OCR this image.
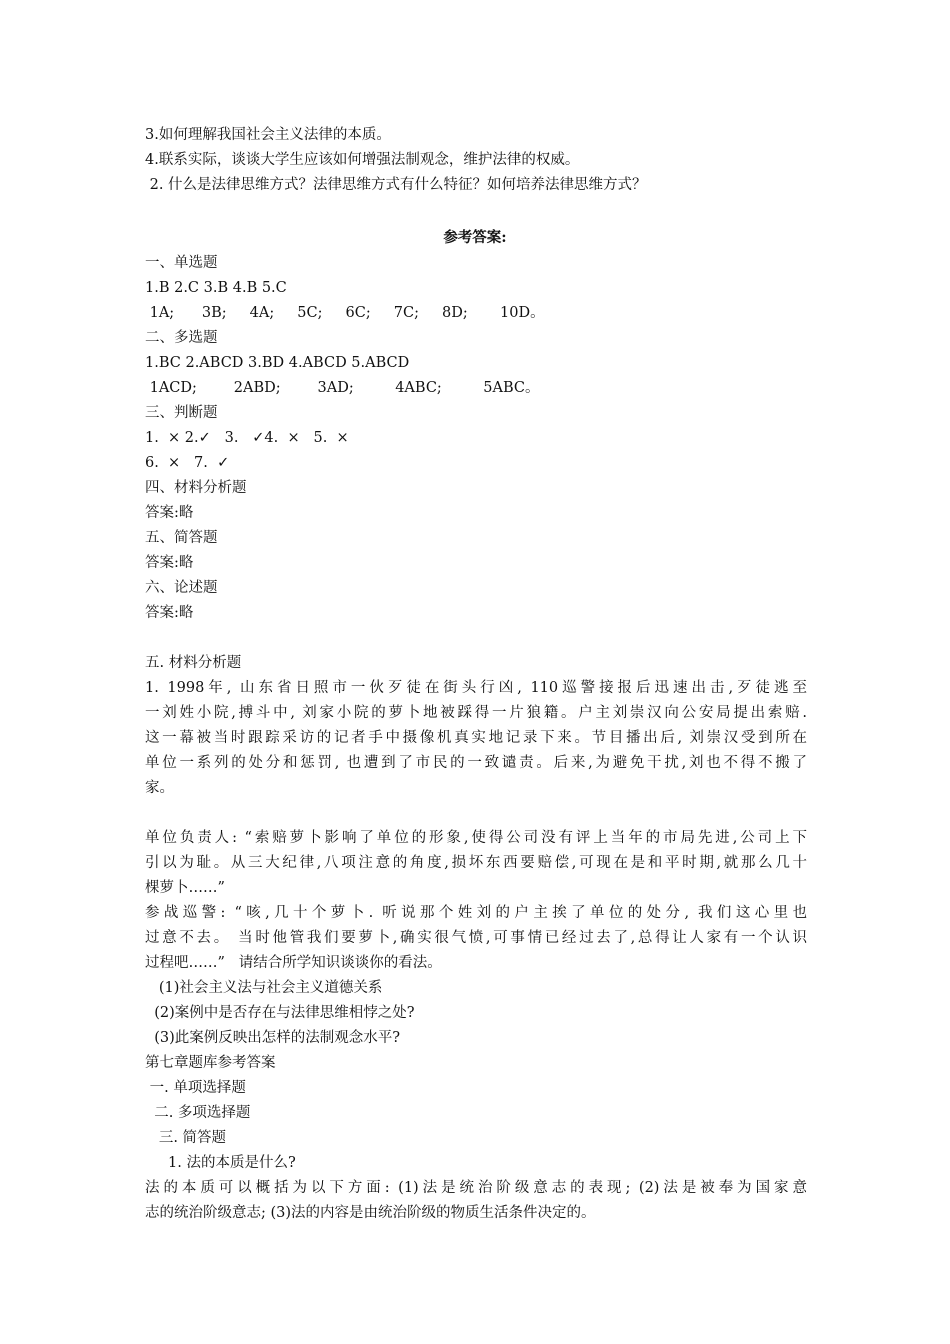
3.如何理解我国社会主义法律的本质。
4.联系实际，谈谈大学生应该如何增强法制观念，维护法律的权威。
2. 什么是法律思维方式？法律思维方式有什么特征？如何培养法律思维方式？
参考答案:
一、单选题
1.B 2.C 3.B 4.B 5.C
1A;      3B;     4A;     5C;     6C;     7C;     8D;       10D。
二、多选题
1.BC 2.ABCD 3.BD 4.ABCD 5.ABCD
1ACD;        2ABD;        3AD;         4ABC;         5ABC。
三、判断题
1.  × 2.✓   3.   ✓4.  ×   5.  ×
6.  ×   7.  ✓
四、材料分析题
答案:略
五、简答题
答案:略
六、论述题
答案:略
五. 材料分析题
1. 1998年, 山东省日照市一伙歹徒在街头行凶, 110巡警接报后迅速出击,歹徒逃至
一刘姓小院,搏斗中, 刘家小院的萝卜地被踩得一片狼籍。户主刘崇汉向公安局提出索赔.
这一幕被当时跟踪采访的记者手中摄像机真实地记录下来。节目播出后, 刘崇汉受到所在
单位一系列的处分和惩罚, 也遭到了市民的一致谴责。后来,为避免干扰,刘也不得不搬了
家。
单位负责人: “索赔萝卜影响了单位的形象,使得公司没有评上当年的市局先进,公司上下
引以为耻。从三大纪律,八项注意的角度,损坏东西要赔偿,可现在是和平时期,就那么几十
棵萝卜……”
参战巡警: “咳,几十个萝卜. 听说那个姓刘的户主挨了单位的处分, 我们这心里也
过意不去。 当时他管我们要萝卜,确实很气愤,可事情已经过去了,总得让人家有一个认识
过程吧……”   请结合所学知识谈谈你的看法。
(1)社会主义法与社会主义道德关系
(2)案例中是否存在与法律思维相悖之处?
(3)此案例反映出怎样的法制观念水平?
第七章题库参考答案
一. 单项选择题
二. 多项选择题
三. 简答题
1. 法的本质是什么?
法的本质可以概括为以下方面: (1)法是统治阶级意志的表现; (2)法是被奉为国家意
志的统治阶级意志; (3)法的内容是由统治阶级的物质生活条件决定的。
